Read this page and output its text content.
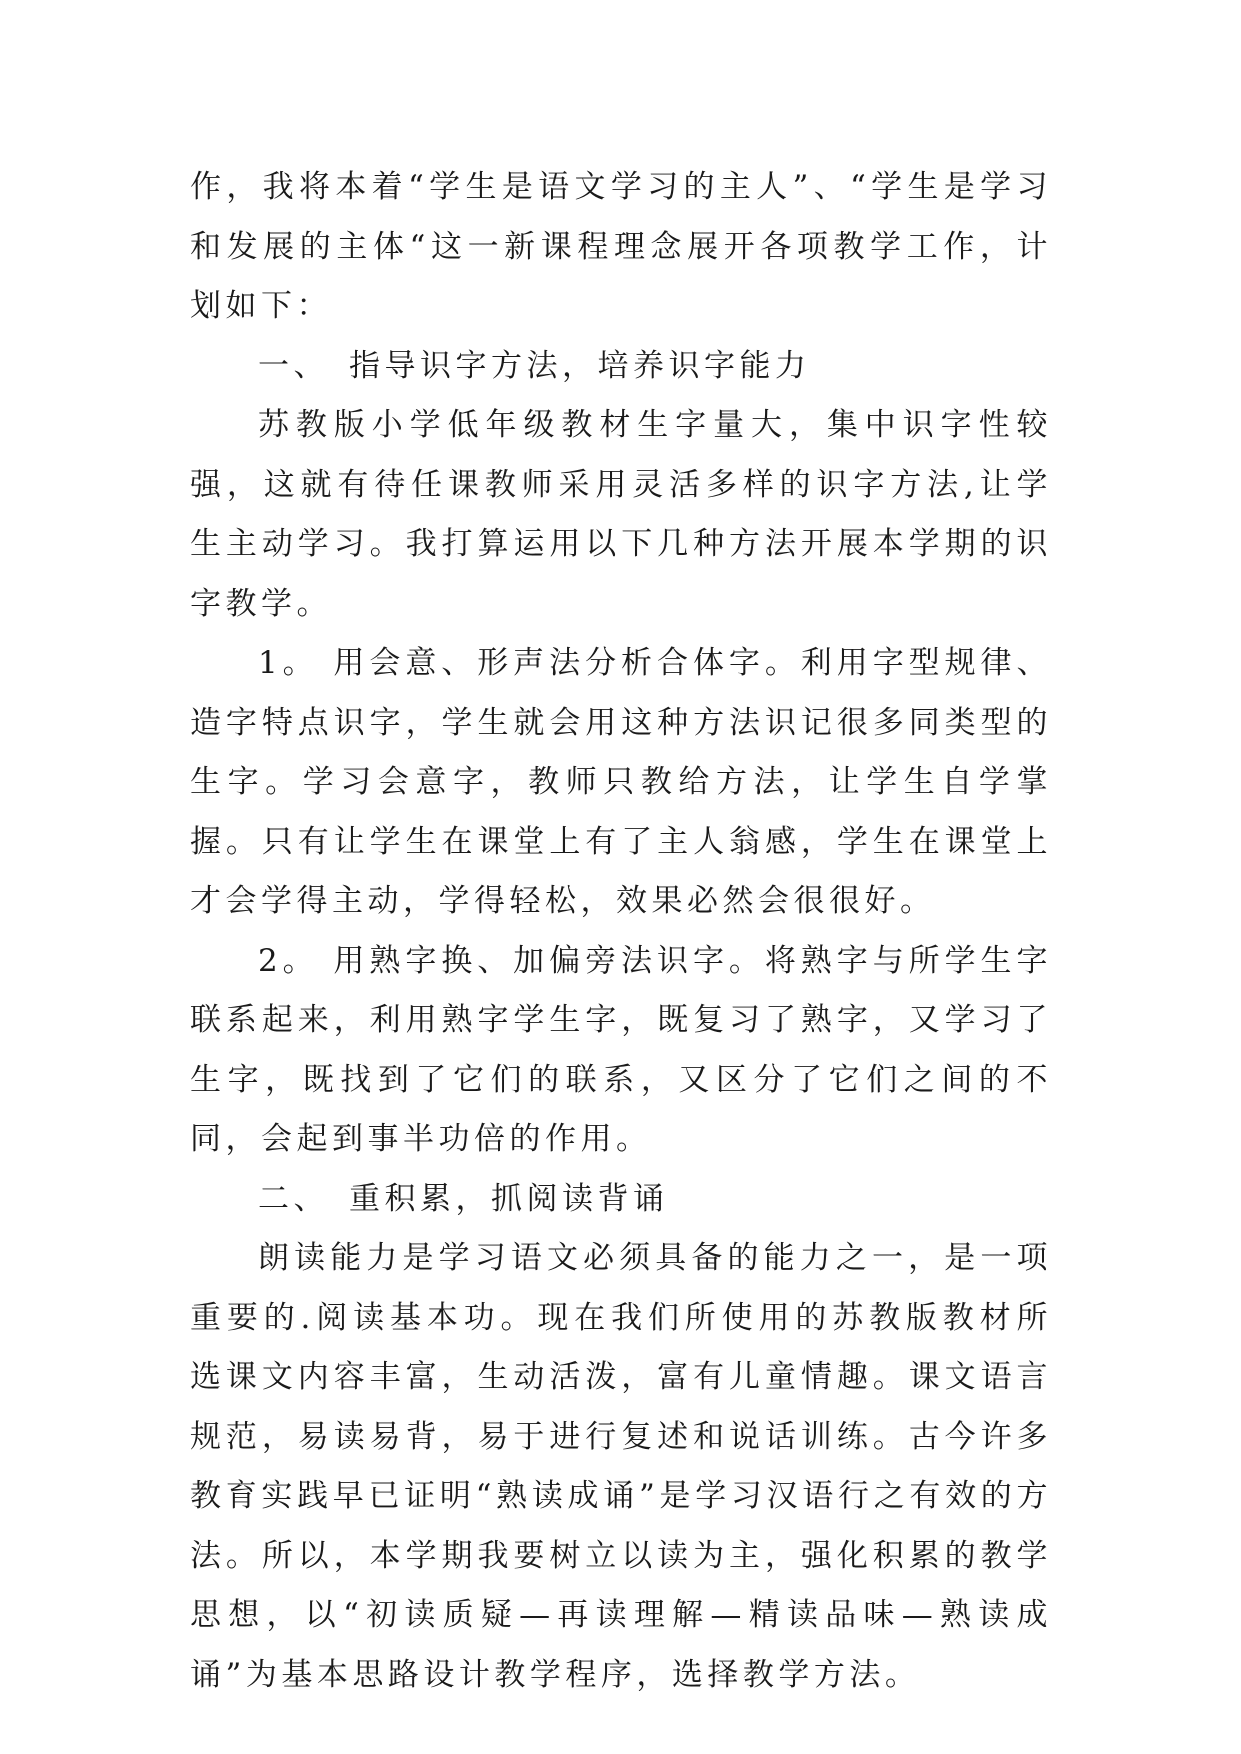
作，我将本着“学生是语文学习的主人”、“学生是学习和发展的主体“这一新课程理念展开各项教学工作，计划如下：

一、　指导识字方法，培养识字能力

苏教版小学低年级教材生字量大，集中识字性较强，这就有待任课教师采用灵活多样的识字方法,让学生主动学习。我打算运用以下几种方法开展本学期的识字教学。

1。 用会意、形声法分析合体字。利用字型规律、造字特点识字，学生就会用这种方法识记很多同类型的生字。学习会意字，教师只教给方法，让学生自学掌握。只有让学生在课堂上有了主人翁感，学生在课堂上才会学得主动，学得轻松，效果必然会很很好。

2。 用熟字换、加偏旁法识字。将熟字与所学生字联系起来，利用熟字学生字，既复习了熟字，又学习了生字，既找到了它们的联系，又区分了它们之间的不同，会起到事半功倍的作用。

二、　重积累，抓阅读背诵

朗读能力是学习语文必须具备的能力之一，是一项重要的.阅读基本功。现在我们所使用的苏教版教材所选课文内容丰富，生动活泼，富有儿童情趣。课文语言规范，易读易背，易于进行复述和说话训练。古今许多教育实践早已证明“熟读成诵”是学习汉语行之有效的方法。所以，本学期我要树立以读为主，强化积累的教学思想，以“初读质疑—再读理解—精读品味—熟读成诵”为基本思路设计教学程序，选择教学方法。
